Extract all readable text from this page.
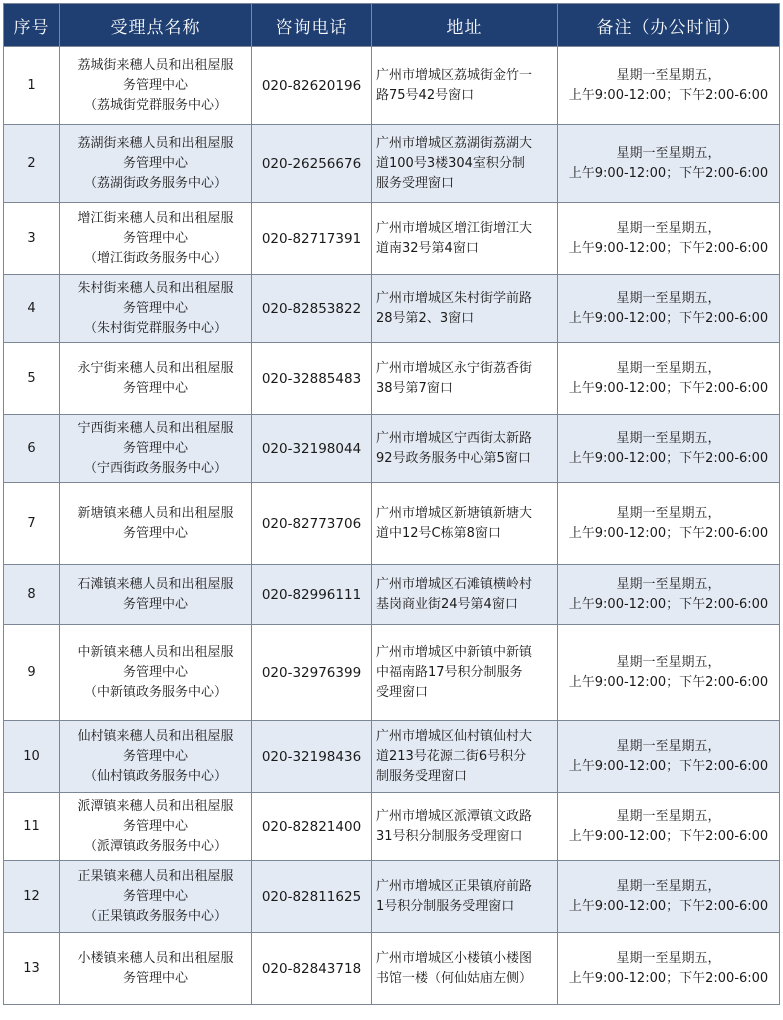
序号	受理点名称	咨询电话	地址	备注（办公时间）
1	荔城街来穗人员和出租屋服
务管理中心
（荔城街党群服务中心）	020-82620196	广州市增城区荔城街金竹一
路75号42号窗口	星期一至星期五，
上午9:00-12:00；下午2:00-6:00

2	荔湖街来穗人员和出租屋服
务管理中心
（荔湖街政务服务中心）	020-26256676	广州市增城区荔湖街荔湖大
道100号3楼304室积分制
服务受理窗口	星期一至星期五，
上午9:00-12:00；下午2:00-6:00

3	增江街来穗人员和出租屋服
务管理中心
（增江街政务服务中心）	020-82717391	广州市增城区增江街增江大
道南32号第4窗口	星期一至星期五，
上午9:00-12:00；下午2:00-6:00

4	朱村街来穗人员和出租屋服
务管理中心
（朱村街党群服务中心）	020-82853822	广州市增城区朱村街学前路
28号第2、3窗口	星期一至星期五，
上午9:00-12:00；下午2:00-6:00

5	永宁街来穗人员和出租屋服
务管理中心	020-32885483	广州市增城区永宁街荔香街
38号第7窗口	星期一至星期五，
上午9:00-12:00；下午2:00-6:00

6	宁西街来穗人员和出租屋服
务管理中心
（宁西街政务服务中心）	020-32198044	广州市增城区宁西街太新路
92号政务服务中心第5窗口	星期一至星期五，
上午9:00-12:00；下午2:00-6:00

7	新塘镇来穗人员和出租屋服
务管理中心	020-82773706	广州市增城区新塘镇新塘大
道中12号C栋第8窗口	星期一至星期五，
上午9:00-12:00；下午2:00-6:00

8	石滩镇来穗人员和出租屋服
务管理中心	020-82996111	广州市增城区石滩镇横岭村
基岗商业街24号第4窗口	星期一至星期五，
上午9:00-12:00；下午2:00-6:00

9	中新镇来穗人员和出租屋服
务管理中心
（中新镇政务服务中心）	020-32976399	广州市增城区中新镇中新镇
中福南路17号积分制服务
受理窗口	星期一至星期五，
上午9:00-12:00；下午2:00-6:00

10	仙村镇来穗人员和出租屋服
务管理中心
（仙村镇政务服务中心）	020-32198436	广州市增城区仙村镇仙村大
道213号花源二街6号积分
制服务受理窗口	星期一至星期五，
上午9:00-12:00；下午2:00-6:00

11	派潭镇来穗人员和出租屋服
务管理中心
（派潭镇政务服务中心）	020-82821400	广州市增城区派潭镇文政路
31号积分制服务受理窗口	星期一至星期五，
上午9:00-12:00；下午2:00-6:00

12	正果镇来穗人员和出租屋服
务管理中心
（正果镇政务服务中心）	020-82811625	广州市增城区正果镇府前路
1号积分制服务受理窗口	星期一至星期五，
上午9:00-12:00；下午2:00-6:00

13	小楼镇来穗人员和出租屋服
务管理中心	020-82843718	广州市增城区小楼镇小楼图
书馆一楼（何仙姑庙左侧）	星期一至星期五，
上午9:00-12:00；下午2:00-6:00
